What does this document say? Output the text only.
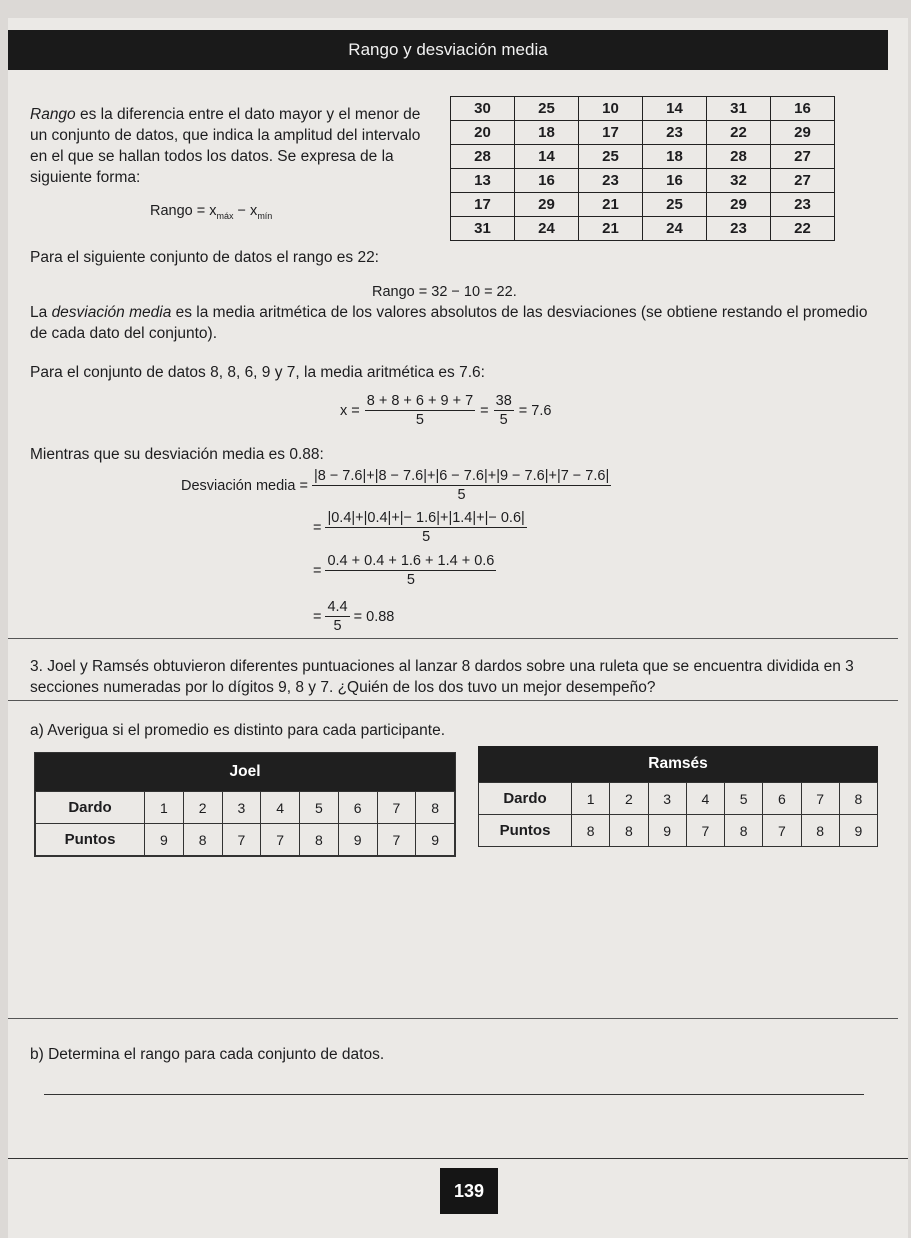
Rango y desviación media
Rango es la diferencia entre el dato mayor y el menor de un conjunto de datos, que indica la amplitud del intervalo en el que se hallan todos los datos. Se expresa de la siguiente forma:
Rango = $x_{máx} - x_{mín}$
Para el siguiente conjunto de datos el rango es 22:
30	25	10	14	31	16
20	18	17	23	22	29
28	14	25	18	28	27
13	16	23	16	32	27
17	29	21	25	29	23
31	24	21	24	23	22
Rango = 32 − 10 = 22.
La desviación media es la media aritmética de los valores absolutos de las desviaciones (se obtiene restando el promedio de cada dato del conjunto).
Para el conjunto de datos 8, 8, 6, 9 y 7, la media aritmética es 7.6:
$x = \frac{8 + 8 + 6 + 9 + 7}{5} = \frac{38}{5} = 7.6$
Mientras que su desviación media es 0.88:
Desviación media = $\frac{|8 - 7.6|+|8 - 7.6|+|6 - 7.6|+|9 - 7.6|+|7 - 7.6|}{5}$
= $\frac{|0.4|+|0.4|+|- 1.6|+|1.4|+|- 0.6|}{5}$
= $\frac{0.4 + 0.4 + 1.6 + 1.4 + 0.6}{5}$
= $\frac{4.4}{5} = 0.88$
3. Joel y Ramsés obtuvieron diferentes puntuaciones al lanzar 8 dardos sobre una ruleta que se encuentra dividida en 3 secciones numeradas por lo dígitos 9, 8 y 7. ¿Quién de los dos tuvo un mejor desempeño?
a) Averigua si el promedio es distinto para cada participante.
Joel
Dardo	1	2	3	4	5	6	7	8
Puntos	9	8	7	7	8	9	7	9
Ramsés
Dardo	1	2	3	4	5	6	7	8
Puntos	8	8	9	7	8	7	8	9
b) Determina el rango para cada conjunto de datos.
139
